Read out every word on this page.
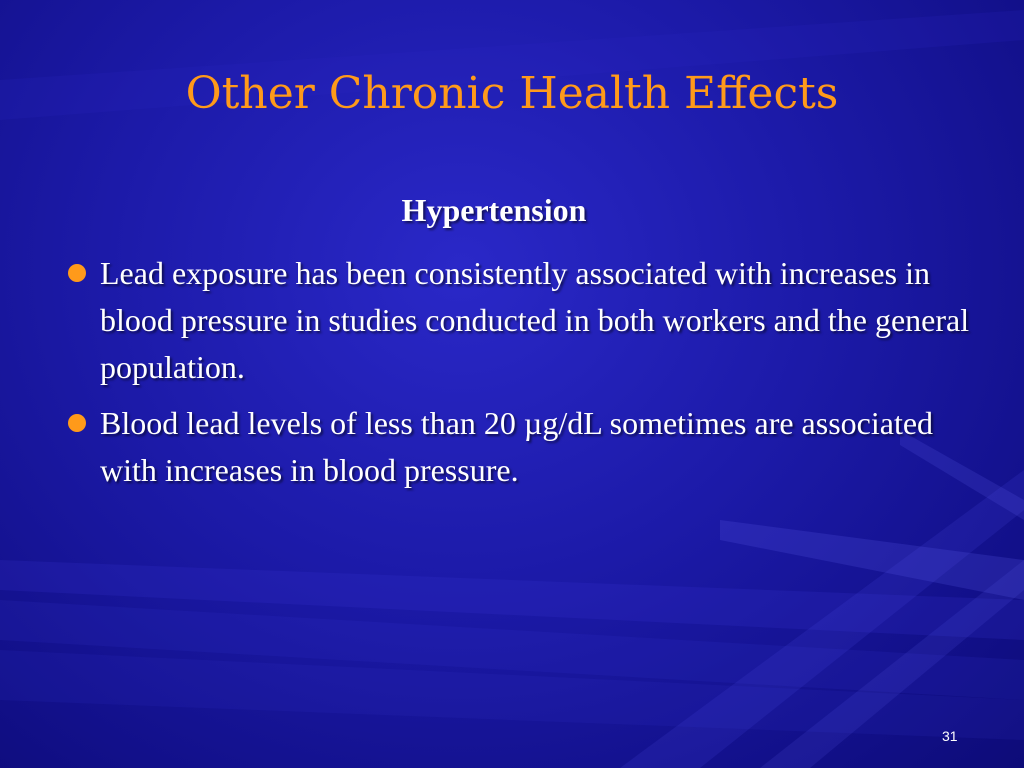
Other Chronic Health Effects
Hypertension
Lead exposure has been consistently associated with increases in blood pressure in studies conducted in both workers and the general population.
Blood lead levels of less than 20 µg/dL sometimes are associated with increases in blood pressure.
31
